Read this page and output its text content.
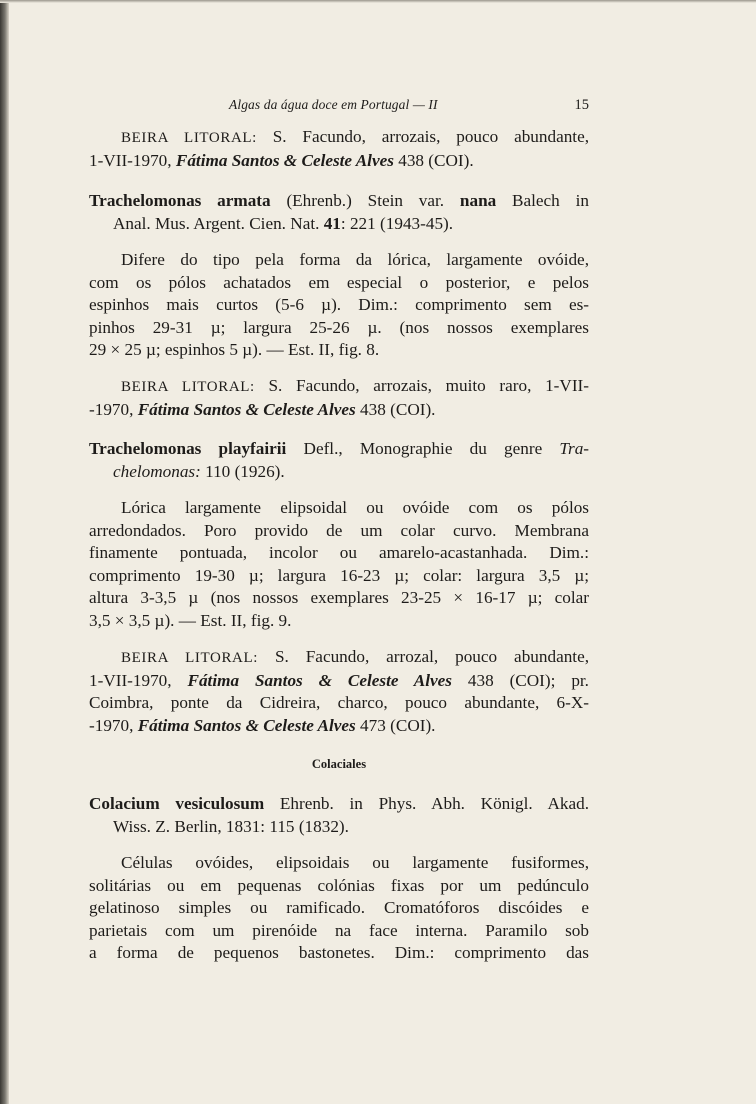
Algas da água doce em Portugal — II	15
BEIRA LITORAL: S. Facundo, arrozais, pouco abundante,
1-VII-1970, Fátima Santos & Celeste Alves 438 (COI).
Trachelomonas armata (Ehrenb.) Stein var. nana Balech in
Anal. Mus. Argent. Cien. Nat. 41: 221 (1943-45).
Difere do tipo pela forma da lórica, largamente ovóide,
com os pólos achatados em especial o posterior, e pelos
espinhos mais curtos (5-6 µ). Dim.: comprimento sem es-
pinhos 29-31 µ; largura 25-26 µ. (nos nossos exemplares
29 × 25 µ; espinhos 5 µ). — Est. II, fig. 8.
BEIRA LITORAL: S. Facundo, arrozais, muito raro, 1-VII-
-1970, Fátima Santos & Celeste Alves 438 (COI).
Trachelomonas playfairii Defl., Monographie du genre Tra-
chelomonas: 110 (1926).
Lórica largamente elipsoidal ou ovóide com os pólos
arredondados. Poro provido de um colar curvo. Membrana
finamente pontuada, incolor ou amarelo-acastanhada. Dim.:
comprimento 19-30 µ; largura 16-23 µ; colar: largura 3,5 µ;
altura 3-3,5 µ (nos nossos exemplares 23-25 × 16-17 µ; colar
3,5 × 3,5 µ). — Est. II, fig. 9.
BEIRA LITORAL: S. Facundo, arrozal, pouco abundante,
1-VII-1970, Fátima Santos & Celeste Alves 438 (COI); pr.
Coimbra, ponte da Cidreira, charco, pouco abundante, 6-X-
-1970, Fátima Santos & Celeste Alves 473 (COI).
Colaciales
Colacium vesiculosum Ehrenb. in Phys. Abh. Königl. Akad.
Wiss. Z. Berlin, 1831: 115 (1832).
Células ovóides, elipsoidais ou largamente fusiformes,
solitárias ou em pequenas colónias fixas por um pedúnculo
gelatinoso simples ou ramificado. Cromatóforos discóides e
parietais com um pirenóide na face interna. Paramilo sob
a forma de pequenos bastonetes. Dim.: comprimento das
